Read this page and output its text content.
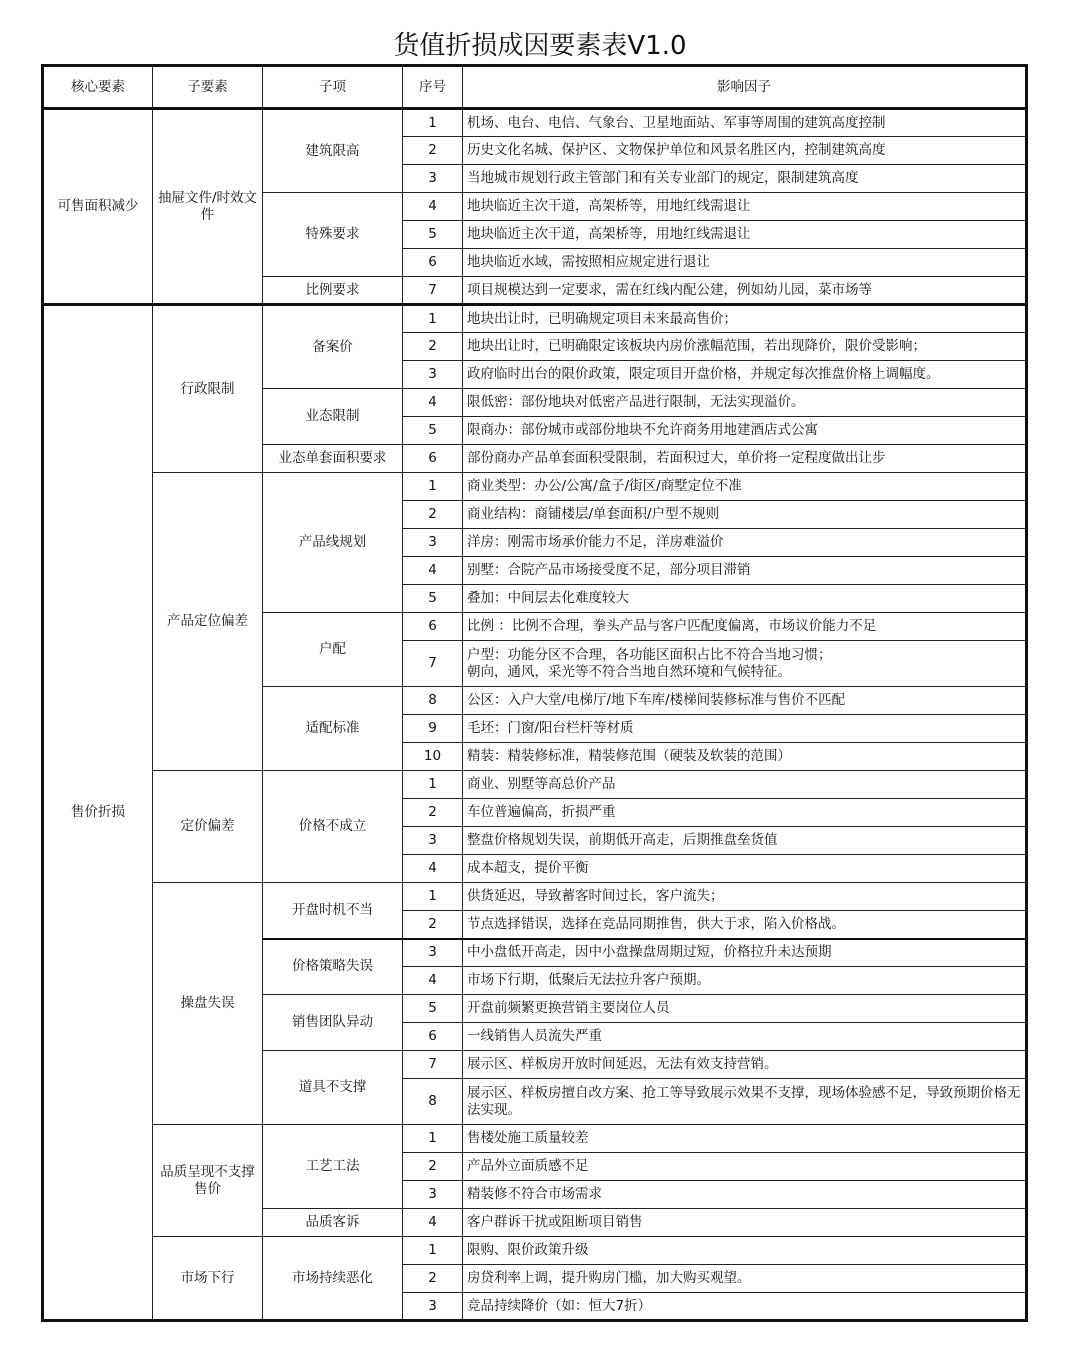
货值折损成因要素表V1.0
核心要素	子要素	子项	序号	影响因子
可售面积减少	抽屉文件/时效文件	建筑限高	1	机场、电台、电信、气象台、卫星地面站、军事等周围的建筑高度控制
			2	历史文化名城、保护区、文物保护单位和风景名胜区内，控制建筑高度
			3	当地城市规划行政主管部门和有关专业部门的规定，限制建筑高度
		特殊要求	4	地块临近主次干道，高架桥等，用地红线需退让
			5	地块临近主次干道，高架桥等，用地红线需退让
			6	地块临近水域，需按照相应规定进行退让
		比例要求	7	项目规模达到一定要求，需在红线内配公建，例如幼儿园，菜市场等
售价折损	行政限制	备案价	1	地块出让时，已明确规定项目未来最高售价；
			2	地块出让时，已明确限定该板块内房价涨幅范围，若出现降价，限价受影响；
			3	政府临时出台的限价政策，限定项目开盘价格，并规定每次推盘价格上调幅度。
		业态限制	4	限低密：部份地块对低密产品进行限制，无法实现溢价。
			5	限商办：部份城市或部份地块不允许商务用地建酒店式公寓
		业态单套面积要求	6	部份商办产品单套面积受限制，若面积过大，单价将一定程度做出让步
	产品定位偏差	产品线规划	1	商业类型：办公/公寓/盒子/街区/商墅定位不准
			2	商业结构：商铺楼层/单套面积/户型不规则
			3	洋房：刚需市场承价能力不足，洋房难溢价
			4	别墅：合院产品市场接受度不足，部分项目滞销
			5	叠加：中间层去化难度较大
		户配	6	比例 ：比例不合理，拳头产品与客户匹配度偏离，市场议价能力不足
			7	户型：功能分区不合理，各功能区面积占比不符合当地习惯；
朝向，通风，采光等不符合当地自然环境和气候特征。

		适配标准	8	公区：入户大堂/电梯厅/地下车库/楼梯间装修标准与售价不匹配
			9	毛坯：门窗/阳台栏杆等材质
			10	精装：精装修标准，精装修范围（硬装及软装的范围）
	定价偏差	价格不成立	1	商业、别墅等高总价产品
			2	车位普遍偏高，折损严重
			3	整盘价格规划失误，前期低开高走，后期推盘垒货值
			4	成本超支，提价平衡
	操盘失误	开盘时机不当	1	供货延迟，导致蓄客时间过长，客户流失；
			2	节点选择错误，选择在竞品同期推售，供大于求，陷入价格战。
		价格策略失误	3	中小盘低开高走，因中小盘操盘周期过短，价格拉升未达预期
			4	市场下行期，低聚后无法拉升客户预期。
		销售团队异动	5	开盘前频繁更换营销主要岗位人员
			6	一线销售人员流失严重
		道具不支撑	7	展示区、样板房开放时间延迟，无法有效支持营销。
			8	展示区、样板房擅自改方案、抢工等导致展示效果不支撑，现场体验感不足，导致预期价格无法实现。
	品质呈现不支撑售价	工艺工法	1	售楼处施工质量较差
			2	产品外立面质感不足
			3	精装修不符合市场需求
		品质客诉	4	客户群诉干扰或阻断项目销售
	市场下行	市场持续恶化	1	限购、限价政策升级
			2	房贷利率上调，提升购房门槛，加大购买观望。
			3	竞品持续降价（如：恒大7折）
